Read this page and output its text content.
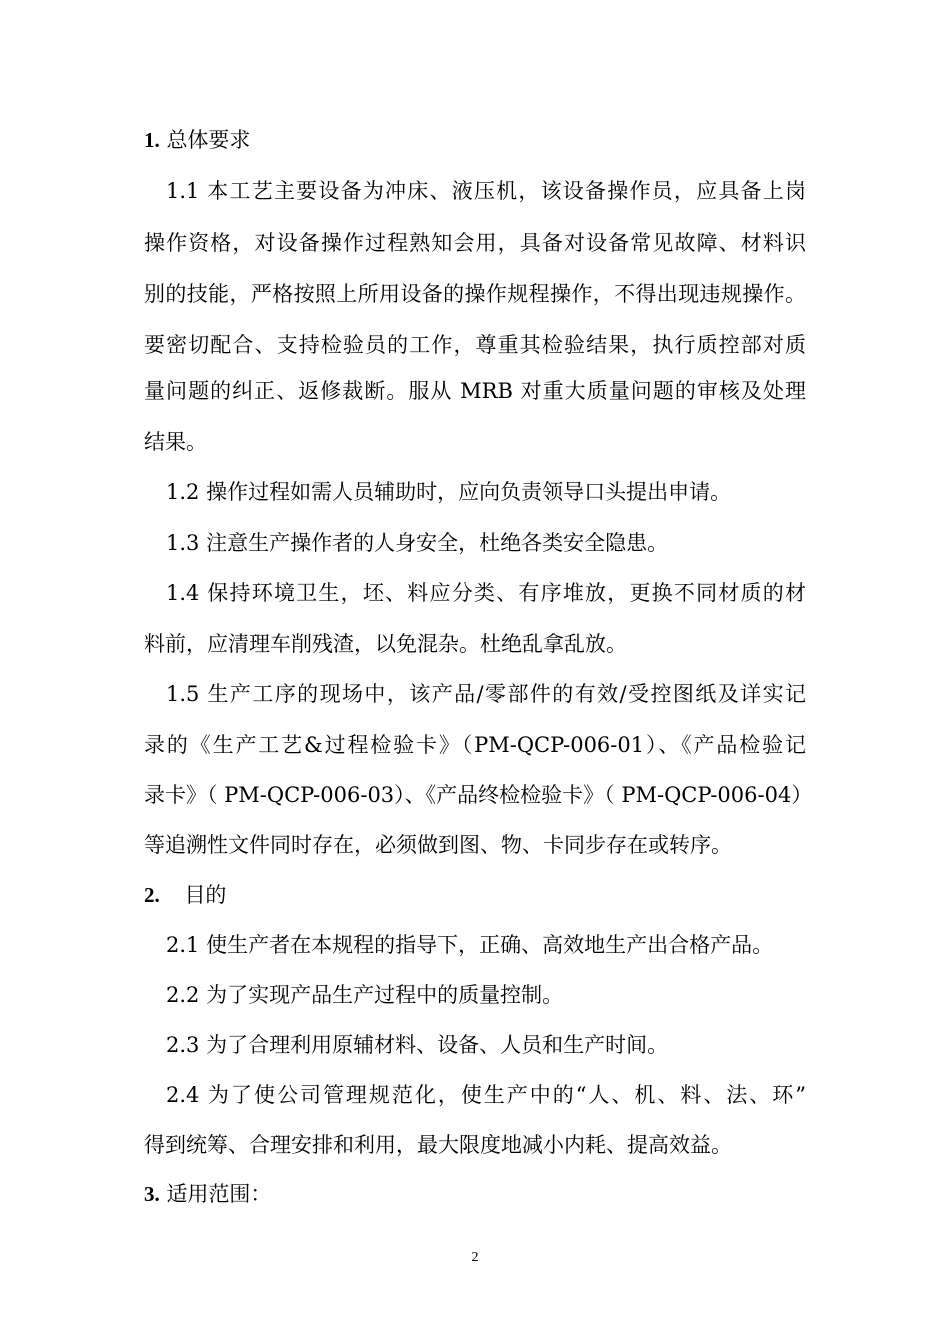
1. 总体要求
1.1 本工艺主要设备为冲床、液压机，该设备操作员，应具备上岗
操作资格，对设备操作过程熟知会用，具备对设备常见故障、材料识
别的技能，严格按照上所用设备的操作规程操作，不得出现违规操作。
要密切配合、支持检验员的工作，尊重其检验结果，执行质控部对质
量问题的纠正、返修裁断。服从 MRB 对重大质量问题的审核及处理
结果。
1.2 操作过程如需人员辅助时，应向负责领导口头提出申请。
1.3 注意生产操作者的人身安全，杜绝各类安全隐患。
1.4 保持环境卫生，坯、料应分类、有序堆放，更换不同材质的材
料前，应清理车削残渣，以免混杂。杜绝乱拿乱放。
1.5 生产工序的现场中，该产品/零部件的有效/受控图纸及详实记
录的《生产工艺&过程检验卡》（PM-QCP-006-01）、《产品检验记
录卡》（ PM-QCP-006-03）、《产品终检检验卡》（ PM-QCP-006-04）
等追溯性文件同时存在，必须做到图、物、卡同步存在或转序。
2. 目的
2.1 使生产者在本规程的指导下，正确、高效地生产出合格产品。
2.2 为了实现产品生产过程中的质量控制。
2.3 为了合理利用原辅材料、设备、人员和生产时间。
2.4 为了使公司管理规范化，使生产中的“人、机、料、法、环”
得到统筹、合理安排和利用，最大限度地减小内耗、提高效益。
3. 适用范围：
2
